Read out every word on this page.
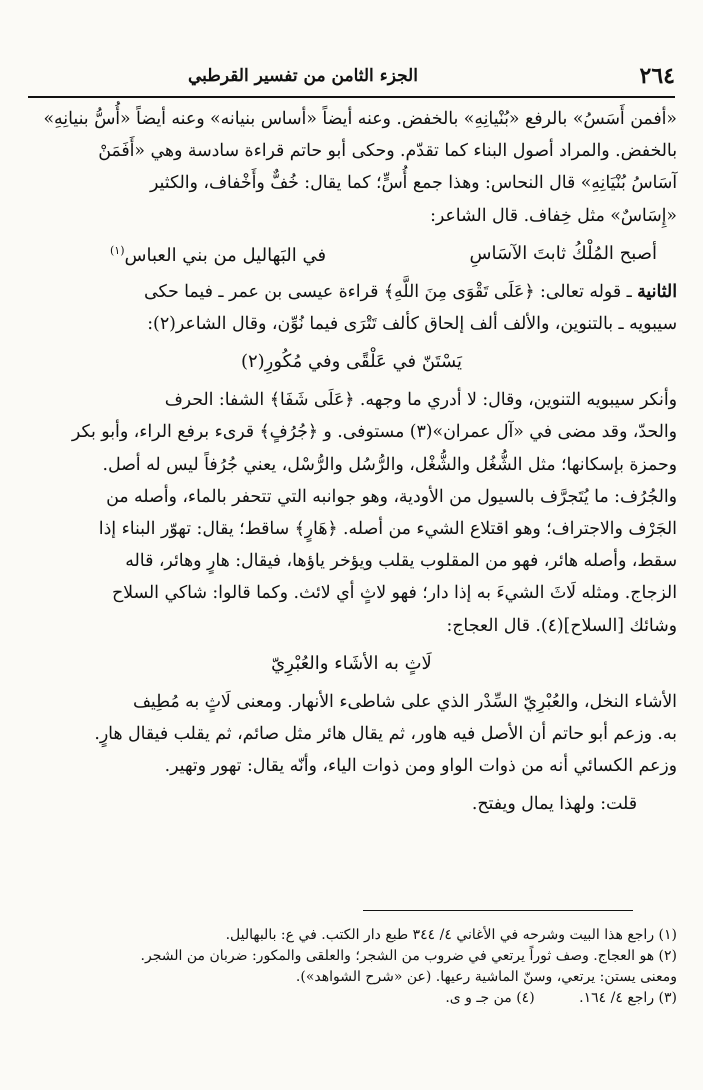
٢٦٤
الجزء الثامن من تفسير القرطبي

«أفمن أَسَسُ» بالرفع «بُنْيانِهِ» بالخفض. وعنه أيضاً «أساس بنيانه» وعنه أيضاً «أُسُّ بنيانِهِ»

بالخفض. والمراد أصول البناء كما تقدّم. وحكى أبو حاتم قراءة سادسة وهي «أَفَمَنْ

آسَاسُ بُنْيَانِهِ» قال النحاس: وهذا جمع أُسٍّ؛ كما يقال: خُفٌّ وأَخْفاف، والكثير

«إِسَاسٌ» مثل خِفاف. قال الشاعر:

أصبح المُلْكُ ثابتَ الآسَاسِ
في البَهاليل من بني العباس$^{(١)}$

الثانية ـ قوله تعالى: ﴿عَلَى تَقْوَى مِنَ اللَّهِ﴾ قراءة عيسى بن عمر ـ فيما حكى

سيبويه ـ بالتنوين، والألف ألف إلحاق كألف تَتْرَى فيما نُوِّن، وقال الشاعر(٢):

يَسْتَنّ في عَلْقًى وفي مُكُورِ(٢)

وأنكر سيبويه التنوين، وقال: لا أدري ما وجهه. ﴿عَلَى شَفَا﴾ الشفا: الحرف

والحدّ، وقد مضى في «آل عمران»(٣) مستوفى. و ﴿جُرُفٍ﴾ قرىء برفع الراء، وأبو بكر

وحمزة بإسكانها؛ مثل الشُّغُل والشُّغْل، والرُّسُل والرُّسْل، يعني جُرُفاً ليس له أصل.

والجُرُف: ما يُتَجرَّف بالسيول من الأودية، وهو جوانبه التي تتحفر بالماء، وأصله من

الجَرْف والاجتراف؛ وهو اقتلاع الشيء من أصله. ﴿هَارٍ﴾ ساقط؛ يقال: تهوّر البناء إذا

سقط، وأصله هائر، فهو من المقلوب يقلب ويؤخر ياؤها، فيقال: هارٍ وهائر، قاله

الزجاج. ومثله لَاثَ الشيءَ به إذا دار؛ فهو لاثٍ أي لائث. وكما قالوا: شاكي السلاح

وشائك [السلاح](٤). قال العجاج:

لَاثٍ به الأشَاء والعُبْرِيّ

الأشاء النخل، والعُبْرِيّ السِّدْر الذي على شاطىء الأنهار. ومعنى لَاثٍ به مُطِيف

به. وزعم أبو حاتم أن الأصل فيه هاور، ثم يقال هائر مثل صائم، ثم يقلب فيقال هارٍ.

وزعم الكسائي أنه من ذوات الواو ومن ذوات الياء، وأنّه يقال: تهور وتهير.

قلت: ولهذا يمال ويفتح.

(١) راجع هذا البيت وشرحه في الأغاني ٤/ ٣٤٤ طبع دار الكتب. في ع: بالبهاليل.

(٢) هو العجاج. وصف ثوراً يرتعي في ضروب من الشجر؛ والعلقى والمكور: ضربان من الشجر.

ومعنى يستن: يرتعي، وسنّ الماشية رعيها. (عن «شرح الشواهد»).

(٣) راجع ٤/ ١٦٤.          (٤) من جـ و ى.
